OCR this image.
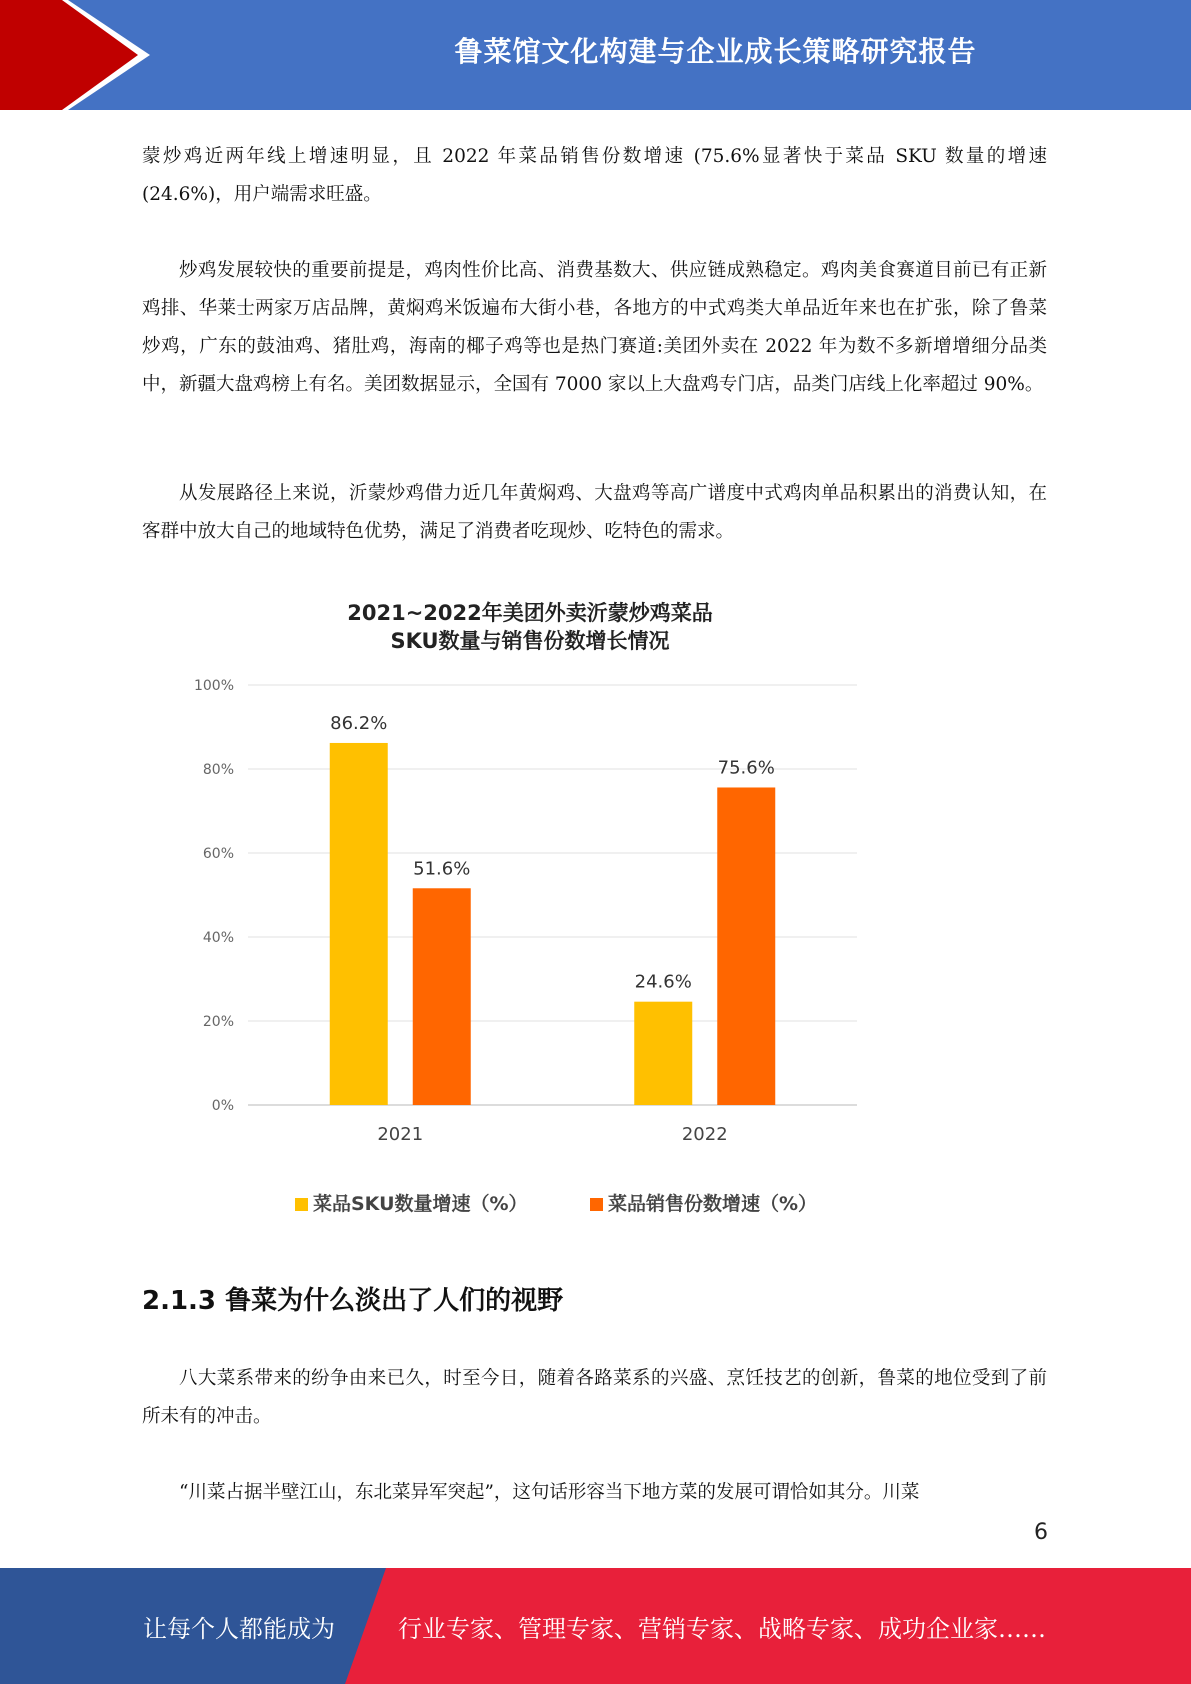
鲁菜馆文化构建与企业成长策略研究报告

蒙炒鸡近两年线上增速明显，且 2022 年菜品销售份数增速 (75.6%显著快于菜品 SKU 数量的增速 (24.6%)，用户端需求旺盛。

炒鸡发展较快的重要前提是，鸡肉性价比高、消费基数大、供应链成熟稳定。鸡肉美食赛道目前已有正新鸡排、华莱士两家万店品牌，黄焖鸡米饭遍布大街小巷，各地方的中式鸡类大单品近年来也在扩张，除了鲁菜炒鸡，广东的鼓油鸡、猪肚鸡，海南的椰子鸡等也是热门赛道:美团外卖在 2022 年为数不多新增增细分品类中，新疆大盘鸡榜上有名。美团数据显示，全国有 7000 家以上大盘鸡专门店，品类门店线上化率超过 90%。

从发展路径上来说，沂蒙炒鸡借力近几年黄焖鸡、大盘鸡等高广谱度中式鸡肉单品积累出的消费认知，在客群中放大自己的地域特色优势，满足了消费者吃现炒、吃特色的需求。

2021~2022年美团外卖沂蒙炒鸡菜品
SKU数量与销售份数增长情况
0%
20%
40%
60%
80%
100%
86.2%
51.6%
2021
24.6%
75.6%
2022
菜品SKU数量增速（%）	菜品销售份数增速（%）
2.1.3 鲁菜为什么淡出了人们的视野

八大菜系带来的纷争由来已久，时至今日，随着各路菜系的兴盛、烹饪技艺的创新，鲁菜的地位受到了前所未有的冲击。

“川菜占据半壁江山，东北菜异军突起”，这句话形容当下地方菜的发展可谓恰如其分。川菜

6
让每个人都能成为	行业专家、管理专家、营销专家、战略专家、成功企业家……
